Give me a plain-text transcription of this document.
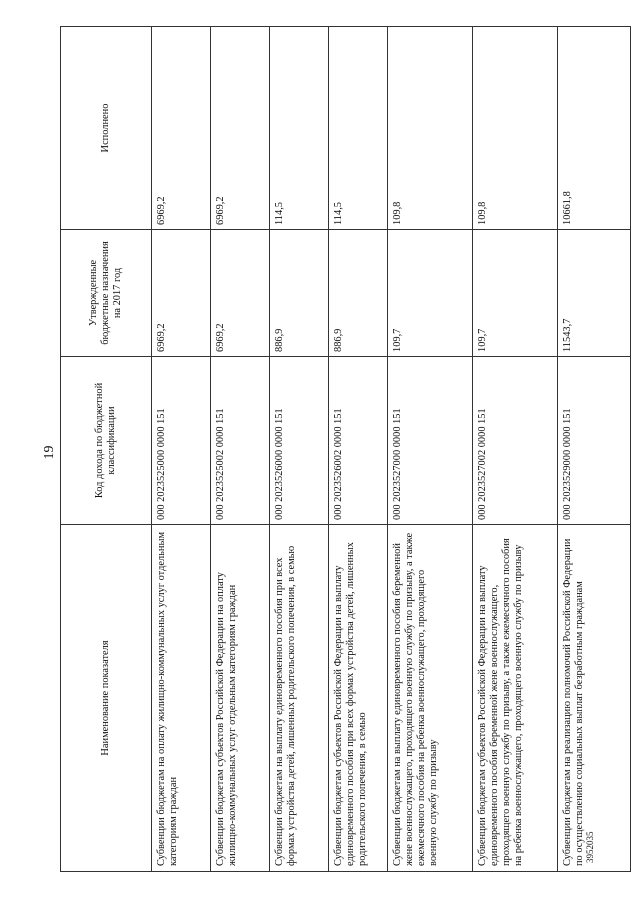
19
Наименование показателя	Код дохода по бюджетной классификации	Утвержденные бюджетные назначения на 2017 год	Исполнено
Субвенции бюджетам на оплату жилищно-коммунальных услуг отдельным категориям граждан	000 2023525000 0000 151	6969,2	6969,2
Субвенции бюджетам субъектов Российской Федерации на оплату жилищно-коммунальных услуг отдельным категориям граждан	000 2023525002 0000 151	6969,2	6969,2
Субвенции бюджетам на выплату единовременного пособия при всех формах устройства детей, лишенных родительского попечения, в семью	000 2023526000 0000 151	886,9	114,5
Субвенции бюджетам субъектов Российской Федерации на выплату единовременного пособия при всех формах устройства детей, лишенных родительского попечения, в семью	000 2023526002 0000 151	886,9	114,5
Субвенции бюджетам на выплату единовременного пособия беременной жене военнослужащего, проходящего военную службу по призыву, а также ежемесячного пособия на ребенка военнослужащего, проходящего военную службу по призыву	000 2023527000 0000 151	109,7	109,8
Субвенции бюджетам субъектов Российской Федерации на выплату единовременного пособия беременной жене военнослужащего, проходящего военную службу по призыву, а также ежемесячного пособия на ребенка военнослужащего, проходящего военную службу по призыву	000 2023527002 0000 151	109,7	109,8
Субвенции бюджетам на реализацию полномочий Российской Федерации по осуществлению социальных выплат безработным гражданам	000 2023529000 0000 151	11543,7	10661,8
3952035
